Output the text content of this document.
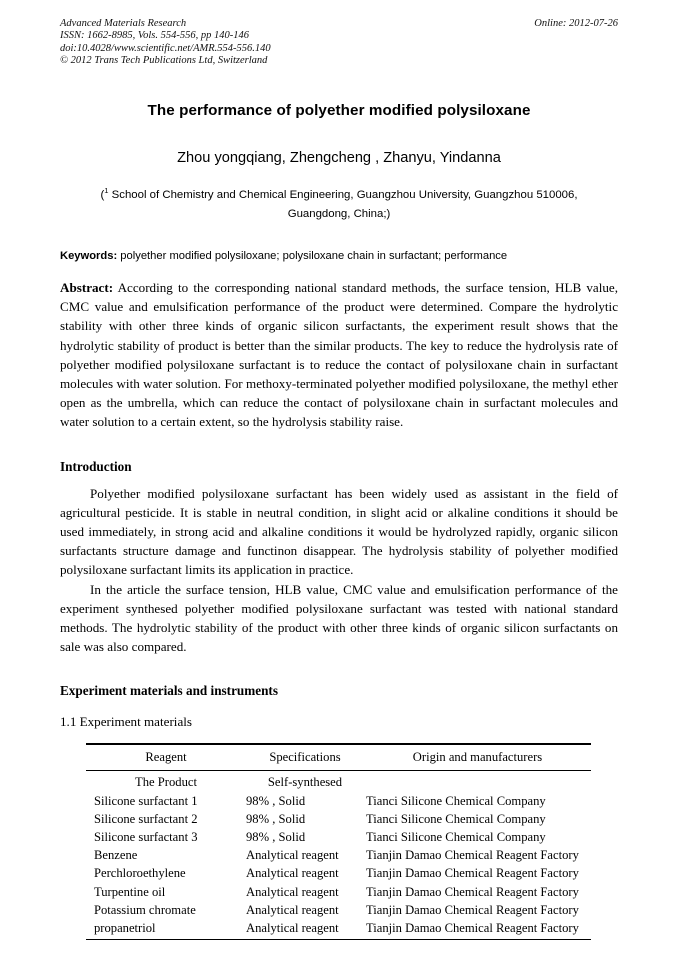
Advanced Materials Research
ISSN: 1662-8985, Vols. 554-556, pp 140-146
doi:10.4028/www.scientific.net/AMR.554-556.140
© 2012 Trans Tech Publications Ltd, Switzerland
Online: 2012-07-26
The performance of polyether modified polysiloxane
Zhou yongqiang, Zhengcheng , Zhanyu, Yindanna
($^1$ School of Chemistry and Chemical Engineering, Guangzhou University, Guangzhou 510006, Guangdong, China;)
Keywords: polyether modified polysiloxane; polysiloxane chain in surfactant; performance
Abstract: According to the corresponding national standard methods, the surface tension, HLB value, CMC value and emulsification performance of the product were determined. Compare the hydrolytic stability with other three kinds of organic silicon surfactants, the experiment result shows that the hydrolytic stability of product is better than the similar products. The key to reduce the hydrolysis rate of polyether modified polysiloxane surfactant is to reduce the contact of polysiloxane chain in surfactant molecules with water solution. For methoxy-terminated polyether modified polysiloxane, the methyl ether open as the umbrella, which can reduce the contact of polysiloxane chain in surfactant molecules and water solution to a certain extent, so the hydrolysis stability raise.
Introduction

Polyether modified polysiloxane surfactant has been widely used as assistant in the field of agricultural pesticide. It is stable in neutral condition, in slight acid or alkaline conditions it should be used immediately, in strong acid and alkaline conditions it would be hydrolyzed rapidly, organic silicon surfactants structure damage and functinon disappear. The hydrolysis stability of polyether modified polysiloxane surfactant limits its application in practice.

In the article the surface tension, HLB value, CMC value and emulsification performance of the experiment synthesed polyether modified polysiloxane surfactant was tested with national standard methods. The hydrolytic stability of the product with other three kinds of organic silicon surfactants on sale was also compared.

Experiment materials and instruments
1.1 Experiment materials
Reagent	Specifications	Origin and manufacturers
The Product	Self-synthesed	
Silicone surfactant 1	98% , Solid	Tianci Silicone Chemical Company
Silicone surfactant 2	98% , Solid	Tianci Silicone Chemical Company
Silicone surfactant 3	98% , Solid	Tianci Silicone Chemical Company
Benzene	Analytical reagent	Tianjin Damao Chemical Reagent Factory
Perchloroethylene	Analytical reagent	Tianjin Damao Chemical Reagent Factory
Turpentine oil	Analytical reagent	Tianjin Damao Chemical Reagent Factory
Potassium chromate	Analytical reagent	Tianjin Damao Chemical Reagent Factory
propanetriol	Analytical reagent	Tianjin Damao Chemical Reagent Factory
